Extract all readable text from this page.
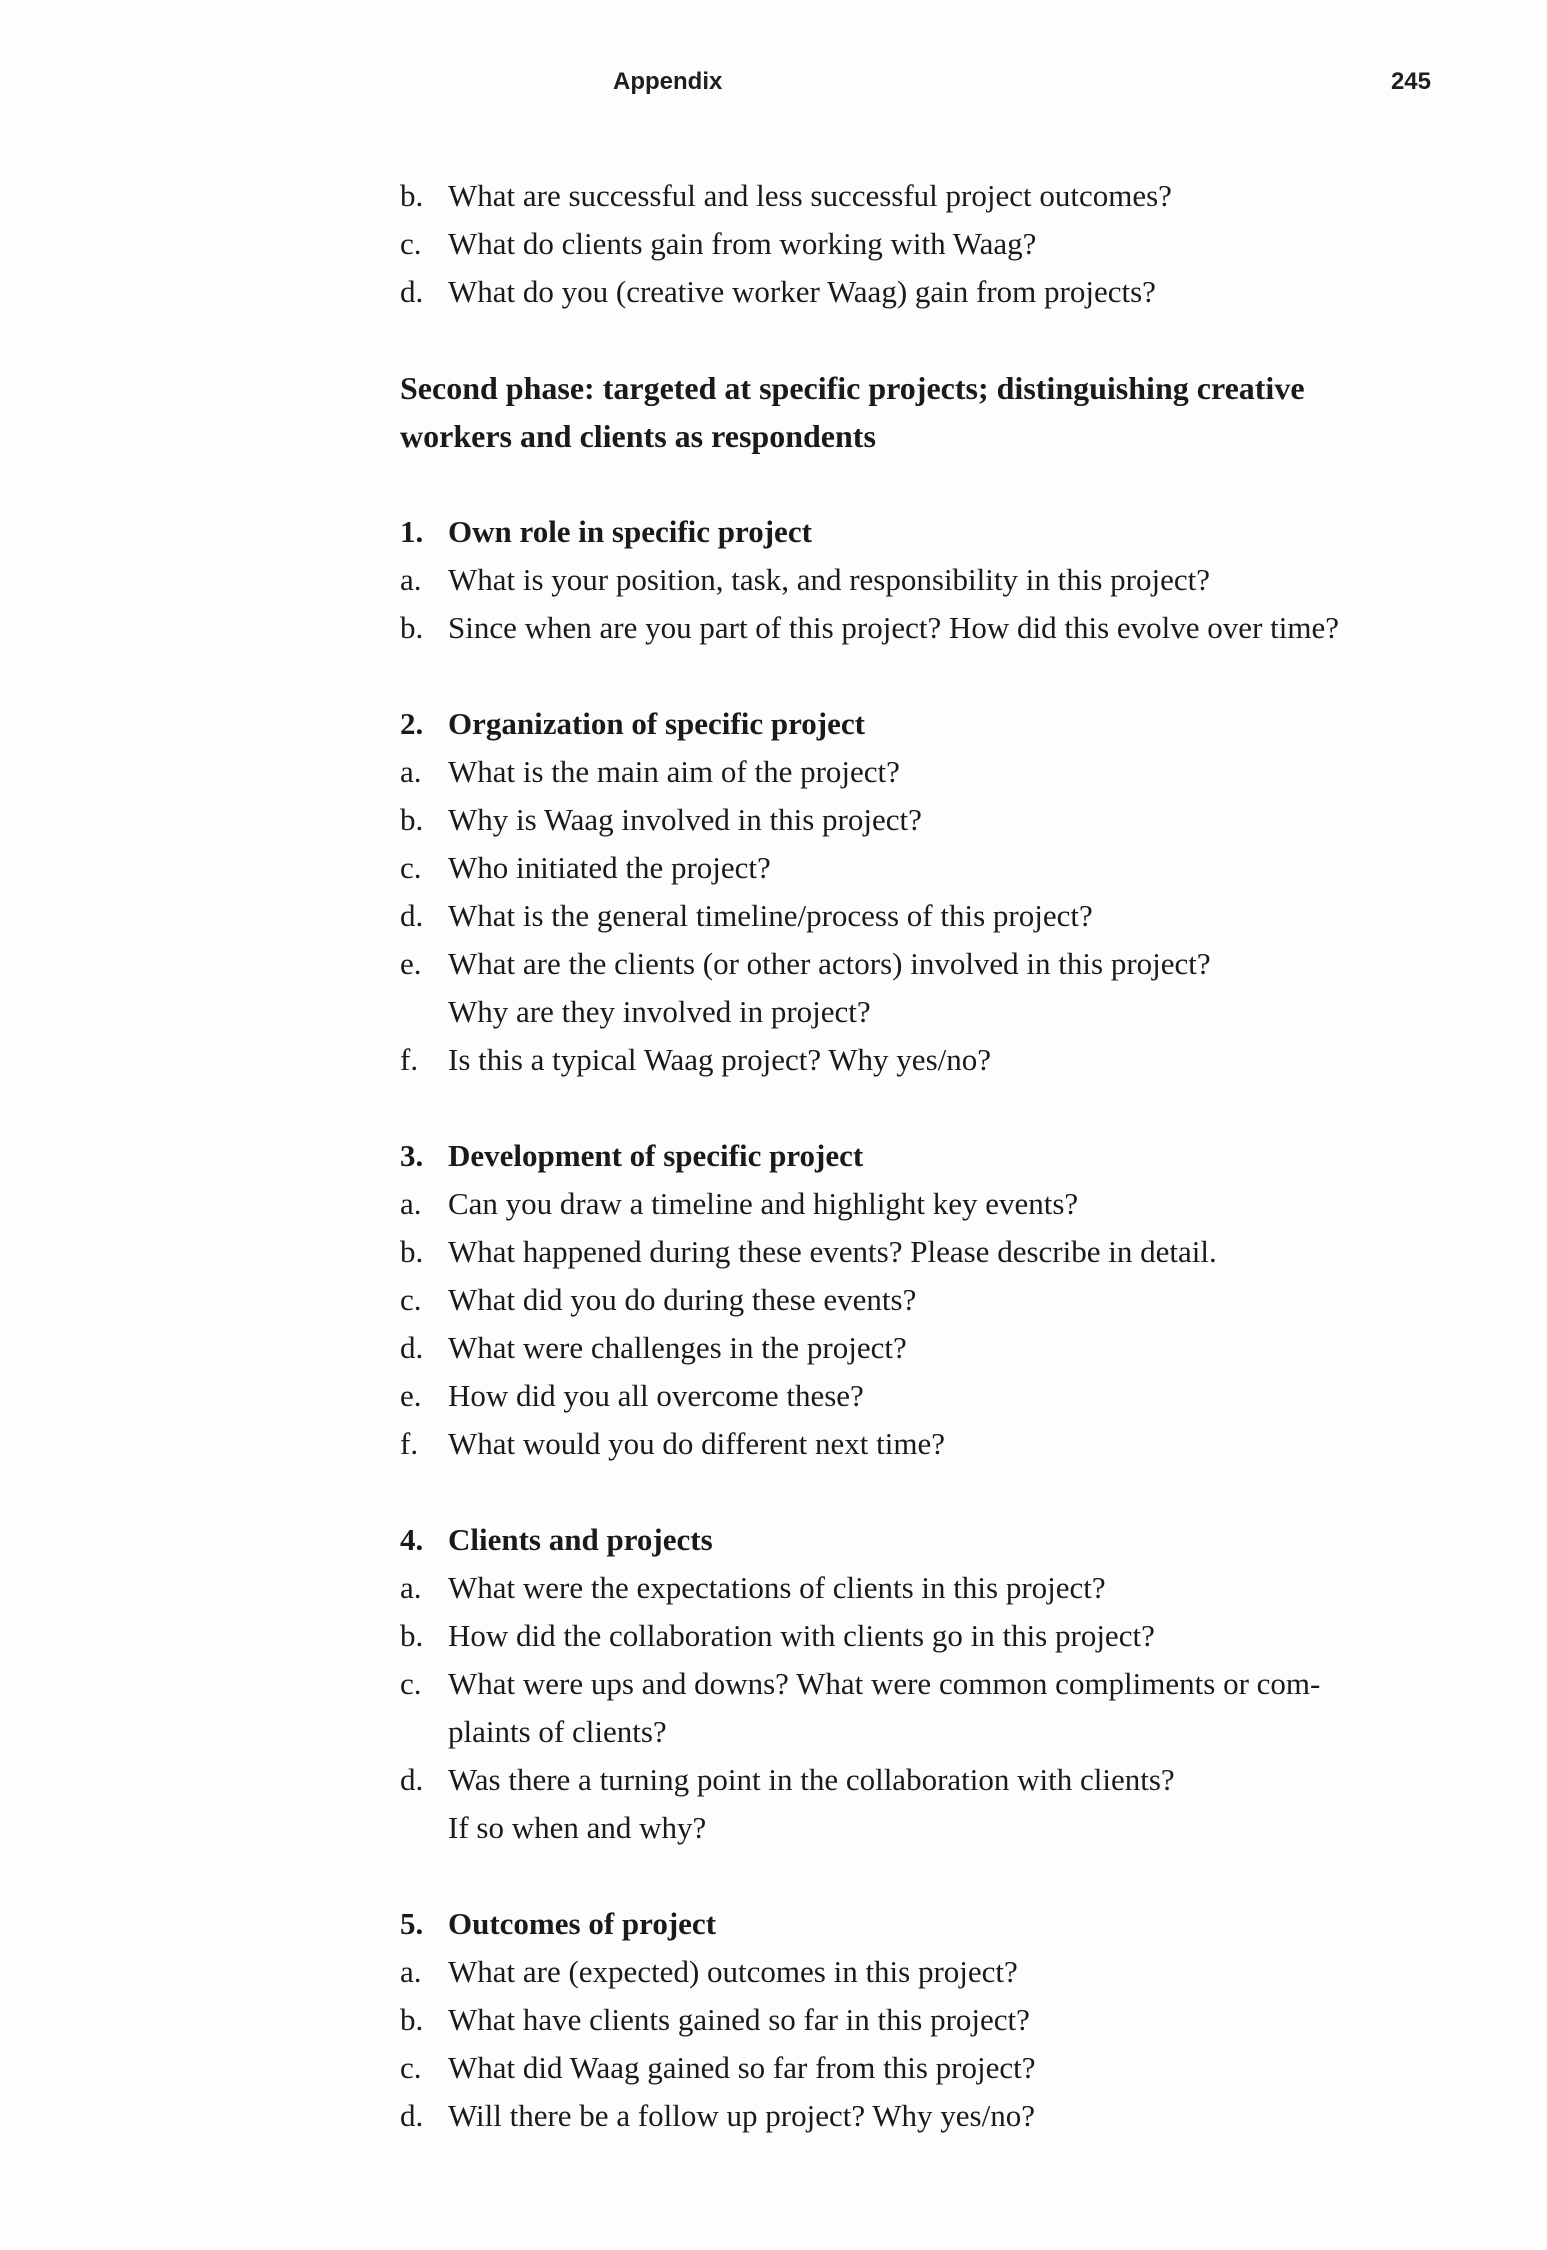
Appendix	245
b. What are successful and less successful project outcomes?
c. What do clients gain from working with Waag?
d. What do you (creative worker Waag) gain from projects?
Second phase: targeted at specific projects; distinguishing creative
workers and clients as respondents
1. Own role in specific project
a. What is your position, task, and responsibility in this project?
b. Since when are you part of this project? How did this evolve over time?
2. Organization of specific project
a. What is the main aim of the project?
b. Why is Waag involved in this project?
c. Who initiated the project?
d. What is the general timeline/process of this project?
e. What are the clients (or other actors) involved in this project?
Why are they involved in project?
f. Is this a typical Waag project? Why yes/no?
3. Development of specific project
a. Can you draw a timeline and highlight key events?
b. What happened during these events? Please describe in detail.
c. What did you do during these events?
d. What were challenges in the project?
e. How did you all overcome these?
f. What would you do different next time?
4. Clients and projects
a. What were the expectations of clients in this project?
b. How did the collaboration with clients go in this project?
c. What were ups and downs? What were common compliments or com-
plaints of clients?
d. Was there a turning point in the collaboration with clients?
If so when and why?
5. Outcomes of project
a. What are (expected) outcomes in this project?
b. What have clients gained so far in this project?
c. What did Waag gained so far from this project?
d. Will there be a follow up project? Why yes/no?
